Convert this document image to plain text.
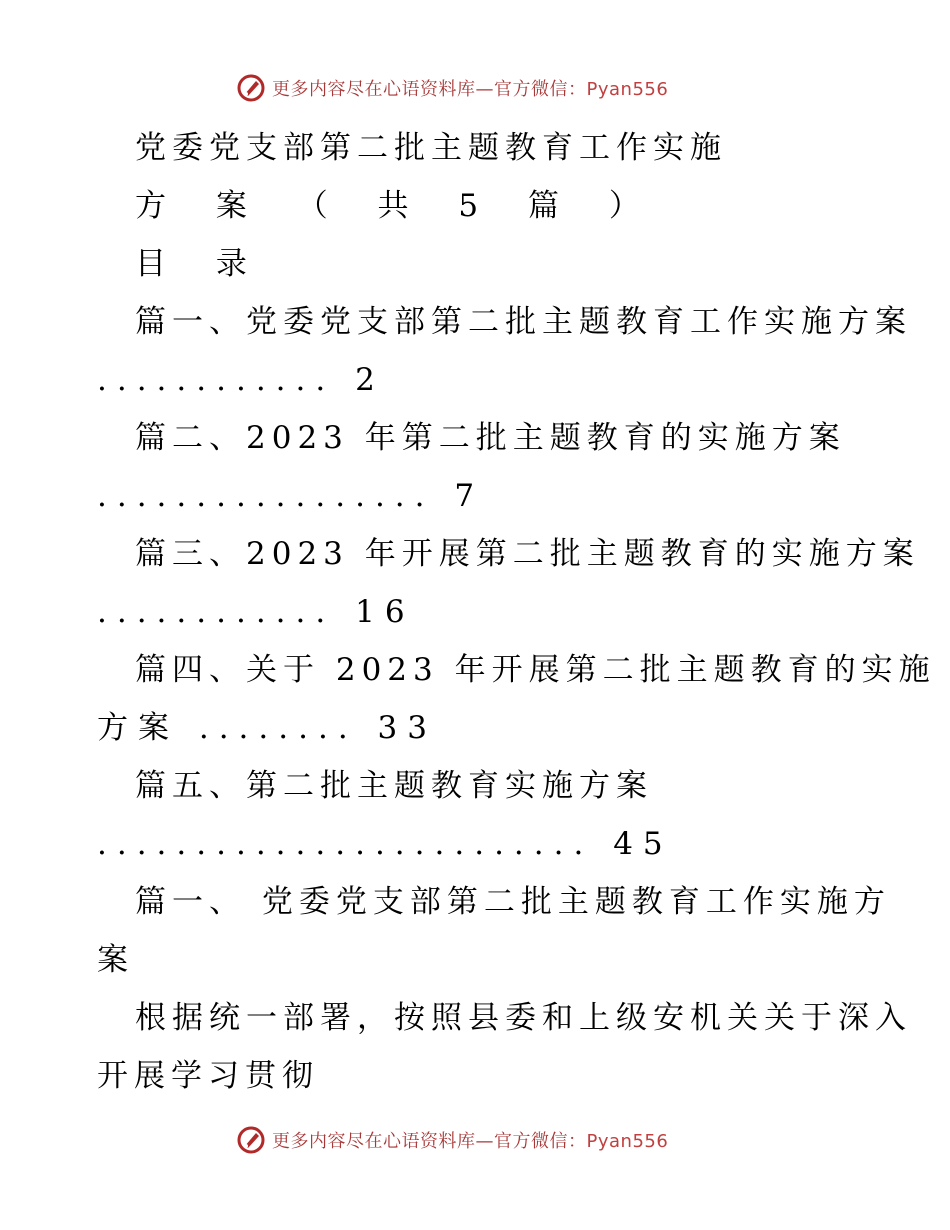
更多内容尽在心语资料库—官方微信：Pyan556
党委党支部第二批主题教育工作实施
方 案 （ 共 5 篇 ）
目 录
篇一、党委党支部第二批主题教育工作实施方案
............ 2
篇二、2023 年第二批主题教育的实施方案
................. 7
篇三、2023 年开展第二批主题教育的实施方案
............ 16
篇四、关于 2023 年开展第二批主题教育的实施
方案 ........ 33
篇五、第二批主题教育实施方案
......................... 45
篇一、 党委党支部第二批主题教育工作实施方
案
根据统一部署，按照县委和上级安机关关于深入
开展学习贯彻
更多内容尽在心语资料库—官方微信：Pyan556
